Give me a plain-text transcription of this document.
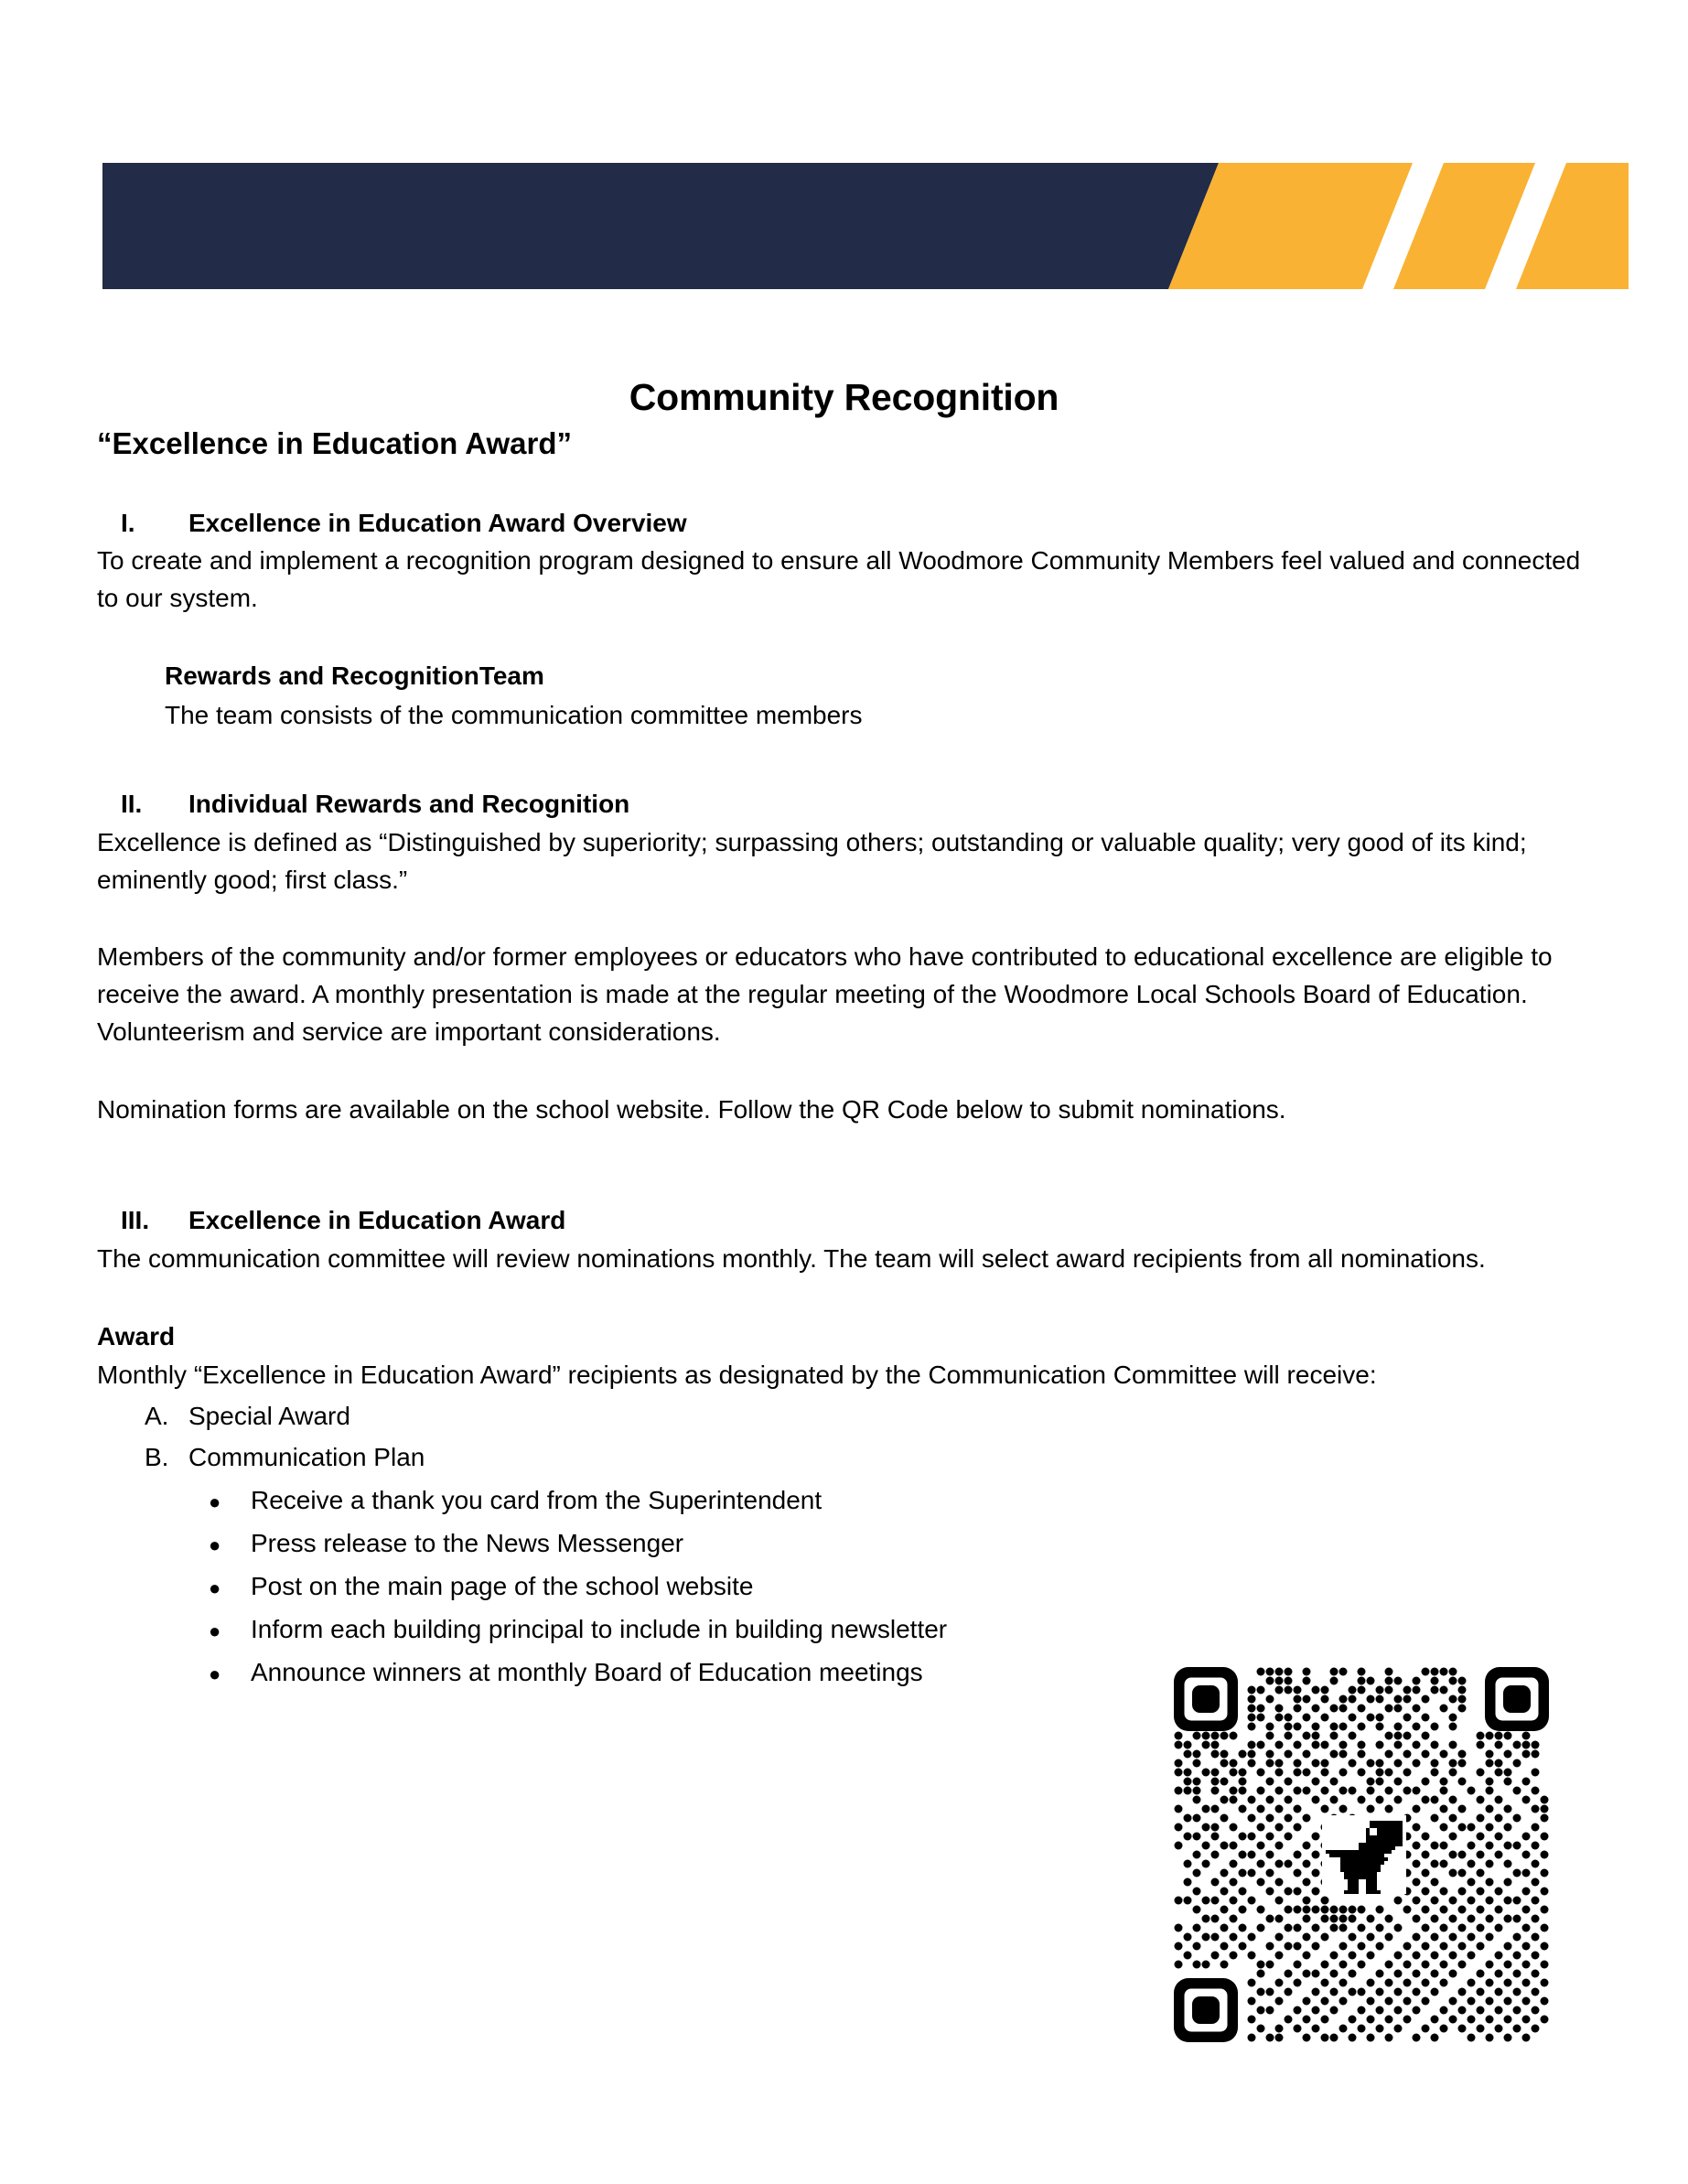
Community Recognition
“Excellence in Education Award”
I.	Excellence in Education Award Overview

To create and implement a recognition program designed to ensure all Woodmore Community Members feel valued and connected to our system.

Rewards and RecognitionTeam
The team consists of the communication committee members
II.	Individual Rewards and Recognition

Excellence is defined as “Distinguished by superiority; surpassing others; outstanding or valuable quality; very good of its kind; eminently good; first class.”

Members of the community and/or former employees or educators who have contributed to educational excellence are eligible to receive the award. A monthly presentation is made at the regular meeting of the Woodmore Local Schools Board of Education. Volunteerism and service are important considerations.

Nomination forms are available on the school website. Follow the QR Code below to submit nominations.

III.	Excellence in Education Award

The communication committee will review nominations monthly. The team will select award recipients from all nominations.

Award

Monthly “Excellence in Education Award” recipients as designated by the Communication Committee will receive:

A. Special Award
B. Communication Plan
●	Receive a thank you card from the Superintendent
●	Press release to the News Messenger
●	Post on the main page of the school website
●	Inform each building principal to include in building newsletter
●	Announce winners at monthly Board of Education meetings
